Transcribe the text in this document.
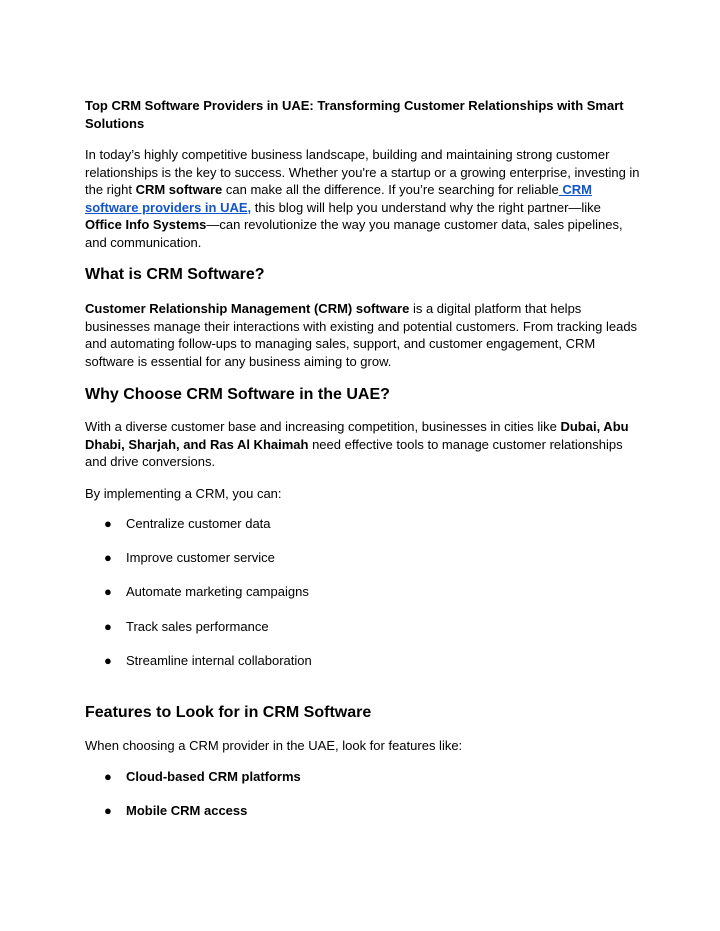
Top CRM Software Providers in UAE: Transforming Customer Relationships with Smart Solutions

In today’s highly competitive business landscape, building and maintaining strong customer relationships is the key to success. Whether you're a startup or a growing enterprise, investing in the right CRM software can make all the difference. If you’re searching for reliable CRM software providers in UAE, this blog will help you understand why the right partner—like Office Info Systems—can revolutionize the way you manage customer data, sales pipelines, and communication.

What is CRM Software?

Customer Relationship Management (CRM) software is a digital platform that helps businesses manage their interactions with existing and potential customers. From tracking leads and automating follow-ups to managing sales, support, and customer engagement, CRM software is essential for any business aiming to grow.

Why Choose CRM Software in the UAE?

With a diverse customer base and increasing competition, businesses in cities like Dubai, Abu Dhabi, Sharjah, and Ras Al Khaimah need effective tools to manage customer relationships and drive conversions.

By implementing a CRM, you can:

● Centralize customer data
● Improve customer service
● Automate marketing campaigns
● Track sales performance
● Streamline internal collaboration

Features to Look for in CRM Software

When choosing a CRM provider in the UAE, look for features like:

● Cloud-based CRM platforms
● Mobile CRM access
